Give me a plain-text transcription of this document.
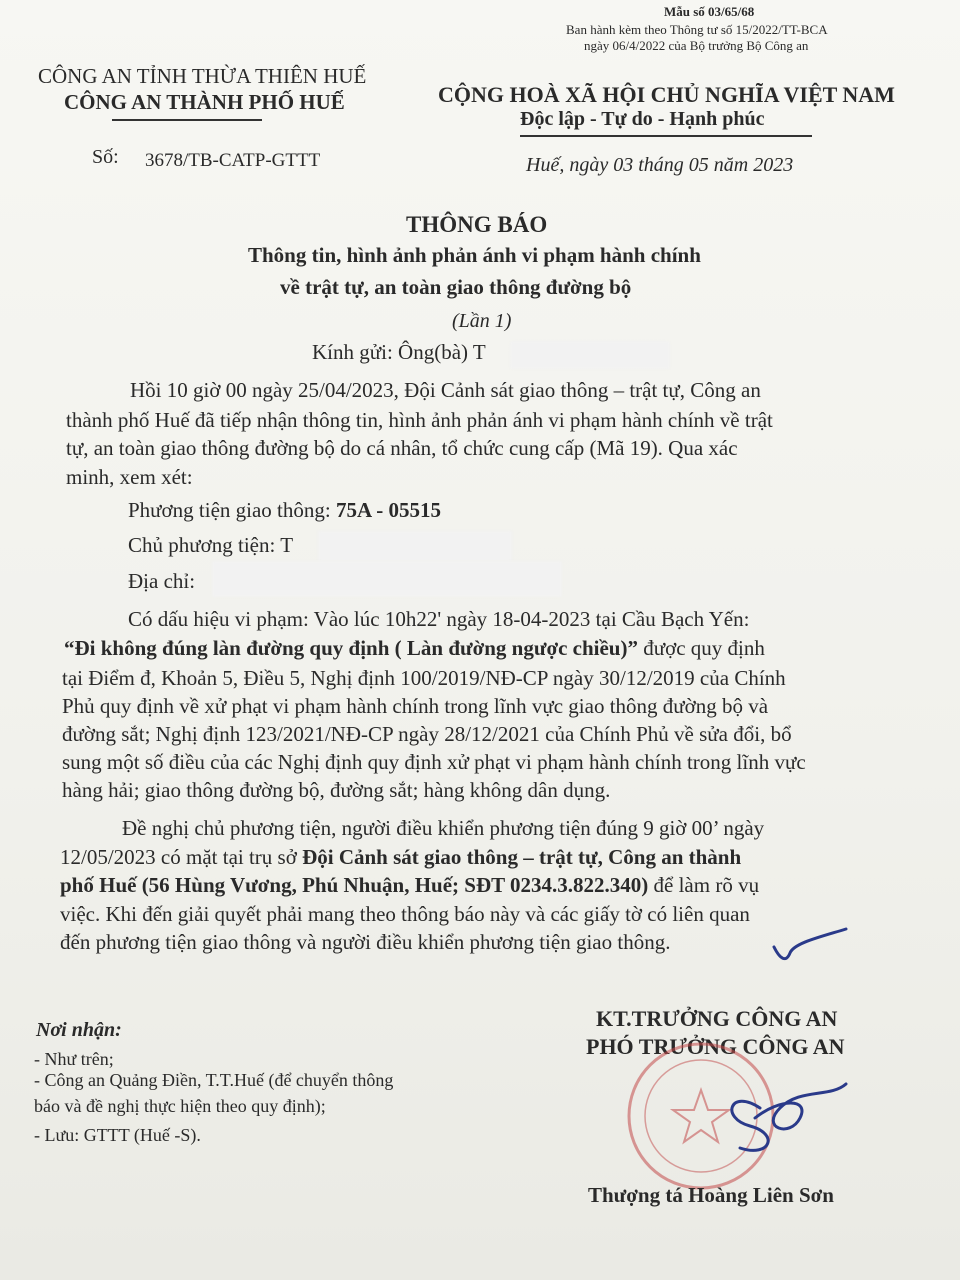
Mẫu số 03/65/68
Ban hành kèm theo Thông tư số 15/2022/TT-BCA
ngày 06/4/2022 của Bộ trưởng Bộ Công an
CÔNG AN TỈNH THỪA THIÊN HUẾ
CÔNG AN THÀNH PHỐ HUẾ	CỘNG HOÀ XÃ HỘI CHỦ NGHĨA VIỆT NAM
Độc lập - Tự do - Hạnh phúc
Số: 3678/TB-CATP-GTTT	Huế, ngày 03 tháng 05 năm 2023
THÔNG BÁO
Thông tin, hình ảnh phản ánh vi phạm hành chính
về trật tự, an toàn giao thông đường bộ
(Lần 1)
Kính gửi: Ông(bà) T
Hồi 10 giờ 00 ngày 25/04/2023, Đội Cảnh sát giao thông – trật tự, Công an
thành phố Huế đã tiếp nhận thông tin, hình ảnh phản ánh vi phạm hành chính về trật
tự, an toàn giao thông đường bộ do cá nhân, tổ chức cung cấp (Mã 19). Qua xác
minh, xem xét:
Phương tiện giao thông: 75A - 05515
Chủ phương tiện: T
Địa chỉ:
Có dấu hiệu vi phạm: Vào lúc 10h22' ngày 18-04-2023 tại Cầu Bạch Yến:
“Đi không đúng làn đường quy định ( Làn đường ngược chiều)” được quy định
tại Điểm đ, Khoản 5, Điều 5, Nghị định 100/2019/NĐ-CP ngày 30/12/2019 của Chính
Phủ quy định về xử phạt vi phạm hành chính trong lĩnh vực giao thông đường bộ và
đường sắt; Nghị định 123/2021/NĐ-CP ngày 28/12/2021 của Chính Phủ về sửa đổi, bổ
sung một số điều của các Nghị định quy định xử phạt vi phạm hành chính trong lĩnh vực
hàng hải; giao thông đường bộ, đường sắt; hàng không dân dụng.
Đề nghị chủ phương tiện, người điều khiển phương tiện đúng 9 giờ 00’ ngày
12/05/2023 có mặt tại trụ sở Đội Cảnh sát giao thông – trật tự, Công an thành
phố Huế (56 Hùng Vương, Phú Nhuận, Huế; SĐT 0234.3.822.340) để làm rõ vụ
việc. Khi đến giải quyết phải mang theo thông báo này và các giấy tờ có liên quan
đến phương tiện giao thông và người điều khiển phương tiện giao thông.
Nơi nhận:
- Như trên;
- Công an Quảng Điền, T.T.Huế (để chuyển thông
báo và đề nghị thực hiện theo quy định);
- Lưu: GTTT (Huế -S).
KT.TRƯỞNG CÔNG AN
PHÓ TRƯỞNG CÔNG AN
Thượng tá Hoàng Liên Sơn
